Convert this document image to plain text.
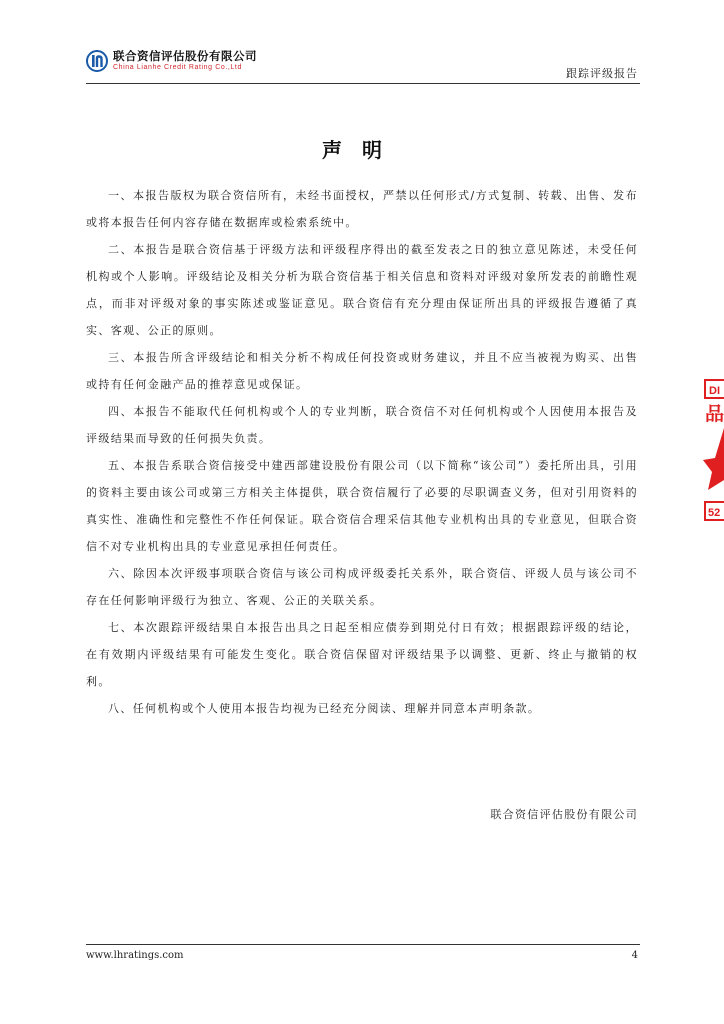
联合资信评估股份有限公司
China Lianhe Credit Rating Co.,Ltd	跟踪评级报告
声明

一、本报告版权为联合资信所有，未经书面授权，严禁以任何形式/方式复制、转载、出售、发布或将本报告任何内容存储在数据库或检索系统中。

二、本报告是联合资信基于评级方法和评级程序得出的截至发表之日的独立意见陈述，未受任何机构或个人影响。评级结论及相关分析为联合资信基于相关信息和资料对评级对象所发表的前瞻性观点，而非对评级对象的事实陈述或鉴证意见。联合资信有充分理由保证所出具的评级报告遵循了真实、客观、公正的原则。

三、本报告所含评级结论和相关分析不构成任何投资或财务建议，并且不应当被视为购买、出售或持有任何金融产品的推荐意见或保证。

四、本报告不能取代任何机构或个人的专业判断，联合资信不对任何机构或个人因使用本报告及评级结果而导致的任何损失负责。

五、本报告系联合资信接受中建西部建设股份有限公司（以下简称“该公司”）委托所出具，引用的资料主要由该公司或第三方相关主体提供，联合资信履行了必要的尽职调查义务，但对引用资料的真实性、准确性和完整性不作任何保证。联合资信合理采信其他专业机构出具的专业意见，但联合资信不对专业机构出具的专业意见承担任何责任。

六、除因本次评级事项联合资信与该公司构成评级委托关系外，联合资信、评级人员与该公司不存在任何影响评级行为独立、客观、公正的关联关系。

七、本次跟踪评级结果自本报告出具之日起至相应债券到期兑付日有效；根据跟踪评级的结论，在有效期内评级结果有可能发生变化。联合资信保留对评级结果予以调整、更新、终止与撤销的权利。

八、任何机构或个人使用本报告均视为已经充分阅读、理解并同意本声明条款。

联合资信评估股份有限公司
www.lhratings.com	4
DI
品
52
